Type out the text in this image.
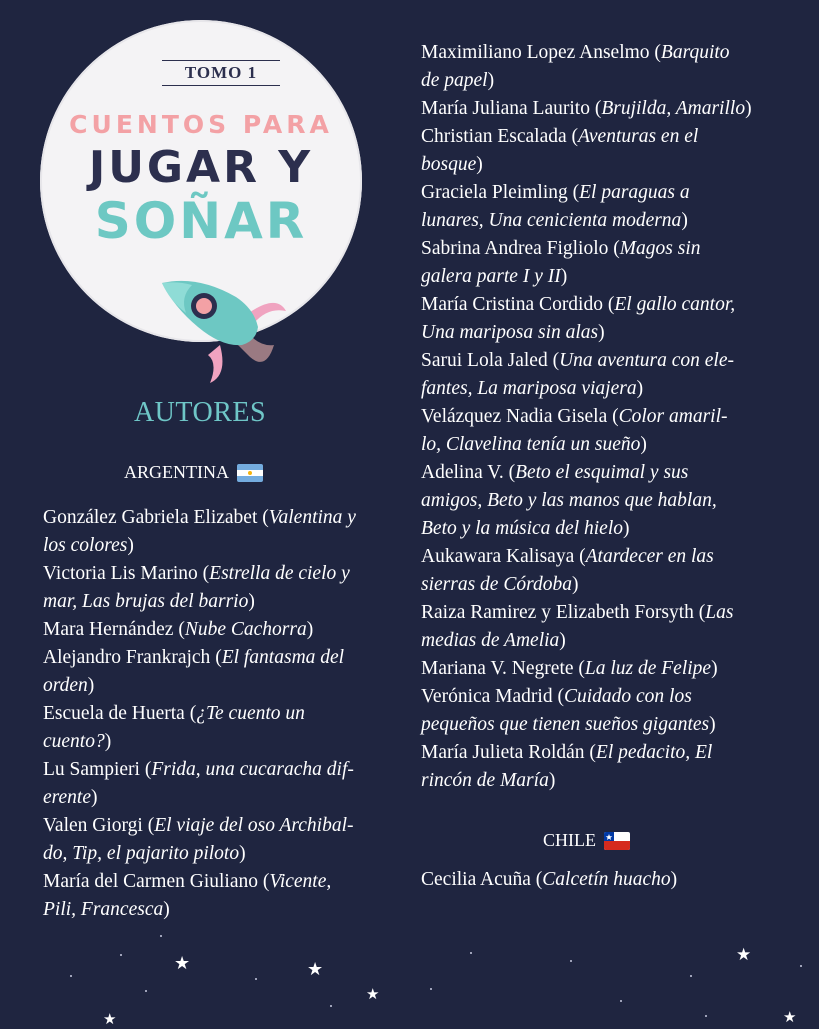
TOMO 1
CUENTOS PARA
JUGAR Y
SOÑAR
AUTORES
ARGENTINA
González Gabriela Elizabet (Valentina y
los colores)
Victoria Lis Marino (Estrella de cielo y
mar, Las brujas del barrio)
Mara Hernández (Nube Cachorra)
Alejandro Frankrajch (El fantasma del
orden)
Escuela de Huerta (¿Te cuento un
cuento?)
Lu Sampieri (Frida, una cucaracha dif-
erente)
Valen Giorgi (El viaje del oso Archibal-
do, Tip, el pajarito piloto)
María del Carmen Giuliano (Vicente,
Pili, Francesca)
Maximiliano Lopez Anselmo (Barquito
de papel)
María Juliana Laurito (Brujilda, Amarillo)
Christian Escalada (Aventuras en el
bosque)
Graciela Pleimling (El paraguas a
lunares, Una cenicienta moderna)
Sabrina Andrea Figliolo (Magos sin
galera parte I y II)
María Cristina Cordido (El gallo cantor,
Una mariposa sin alas)
Sarui Lola Jaled (Una aventura con ele-
fantes, La mariposa viajera)
Velázquez Nadia Gisela (Color amaril-
lo, Clavelina tenía un sueño)
Adelina V. (Beto el esquimal y sus
amigos, Beto y las manos que hablan,
Beto y la música del hielo)
Aukawara Kalisaya (Atardecer en las
sierras de Córdoba)
Raiza Ramirez y Elizabeth Forsyth (Las
medias de Amelia)
Mariana V. Negrete (La luz de Felipe)
Verónica Madrid (Cuidado con los
pequeños que tienen sueños gigantes)
María Julieta Roldán (El pedacito, El
rincón de María)
CHILE
Cecilia Acuña (Calcetín huacho)
★	★
★
★
★	★
